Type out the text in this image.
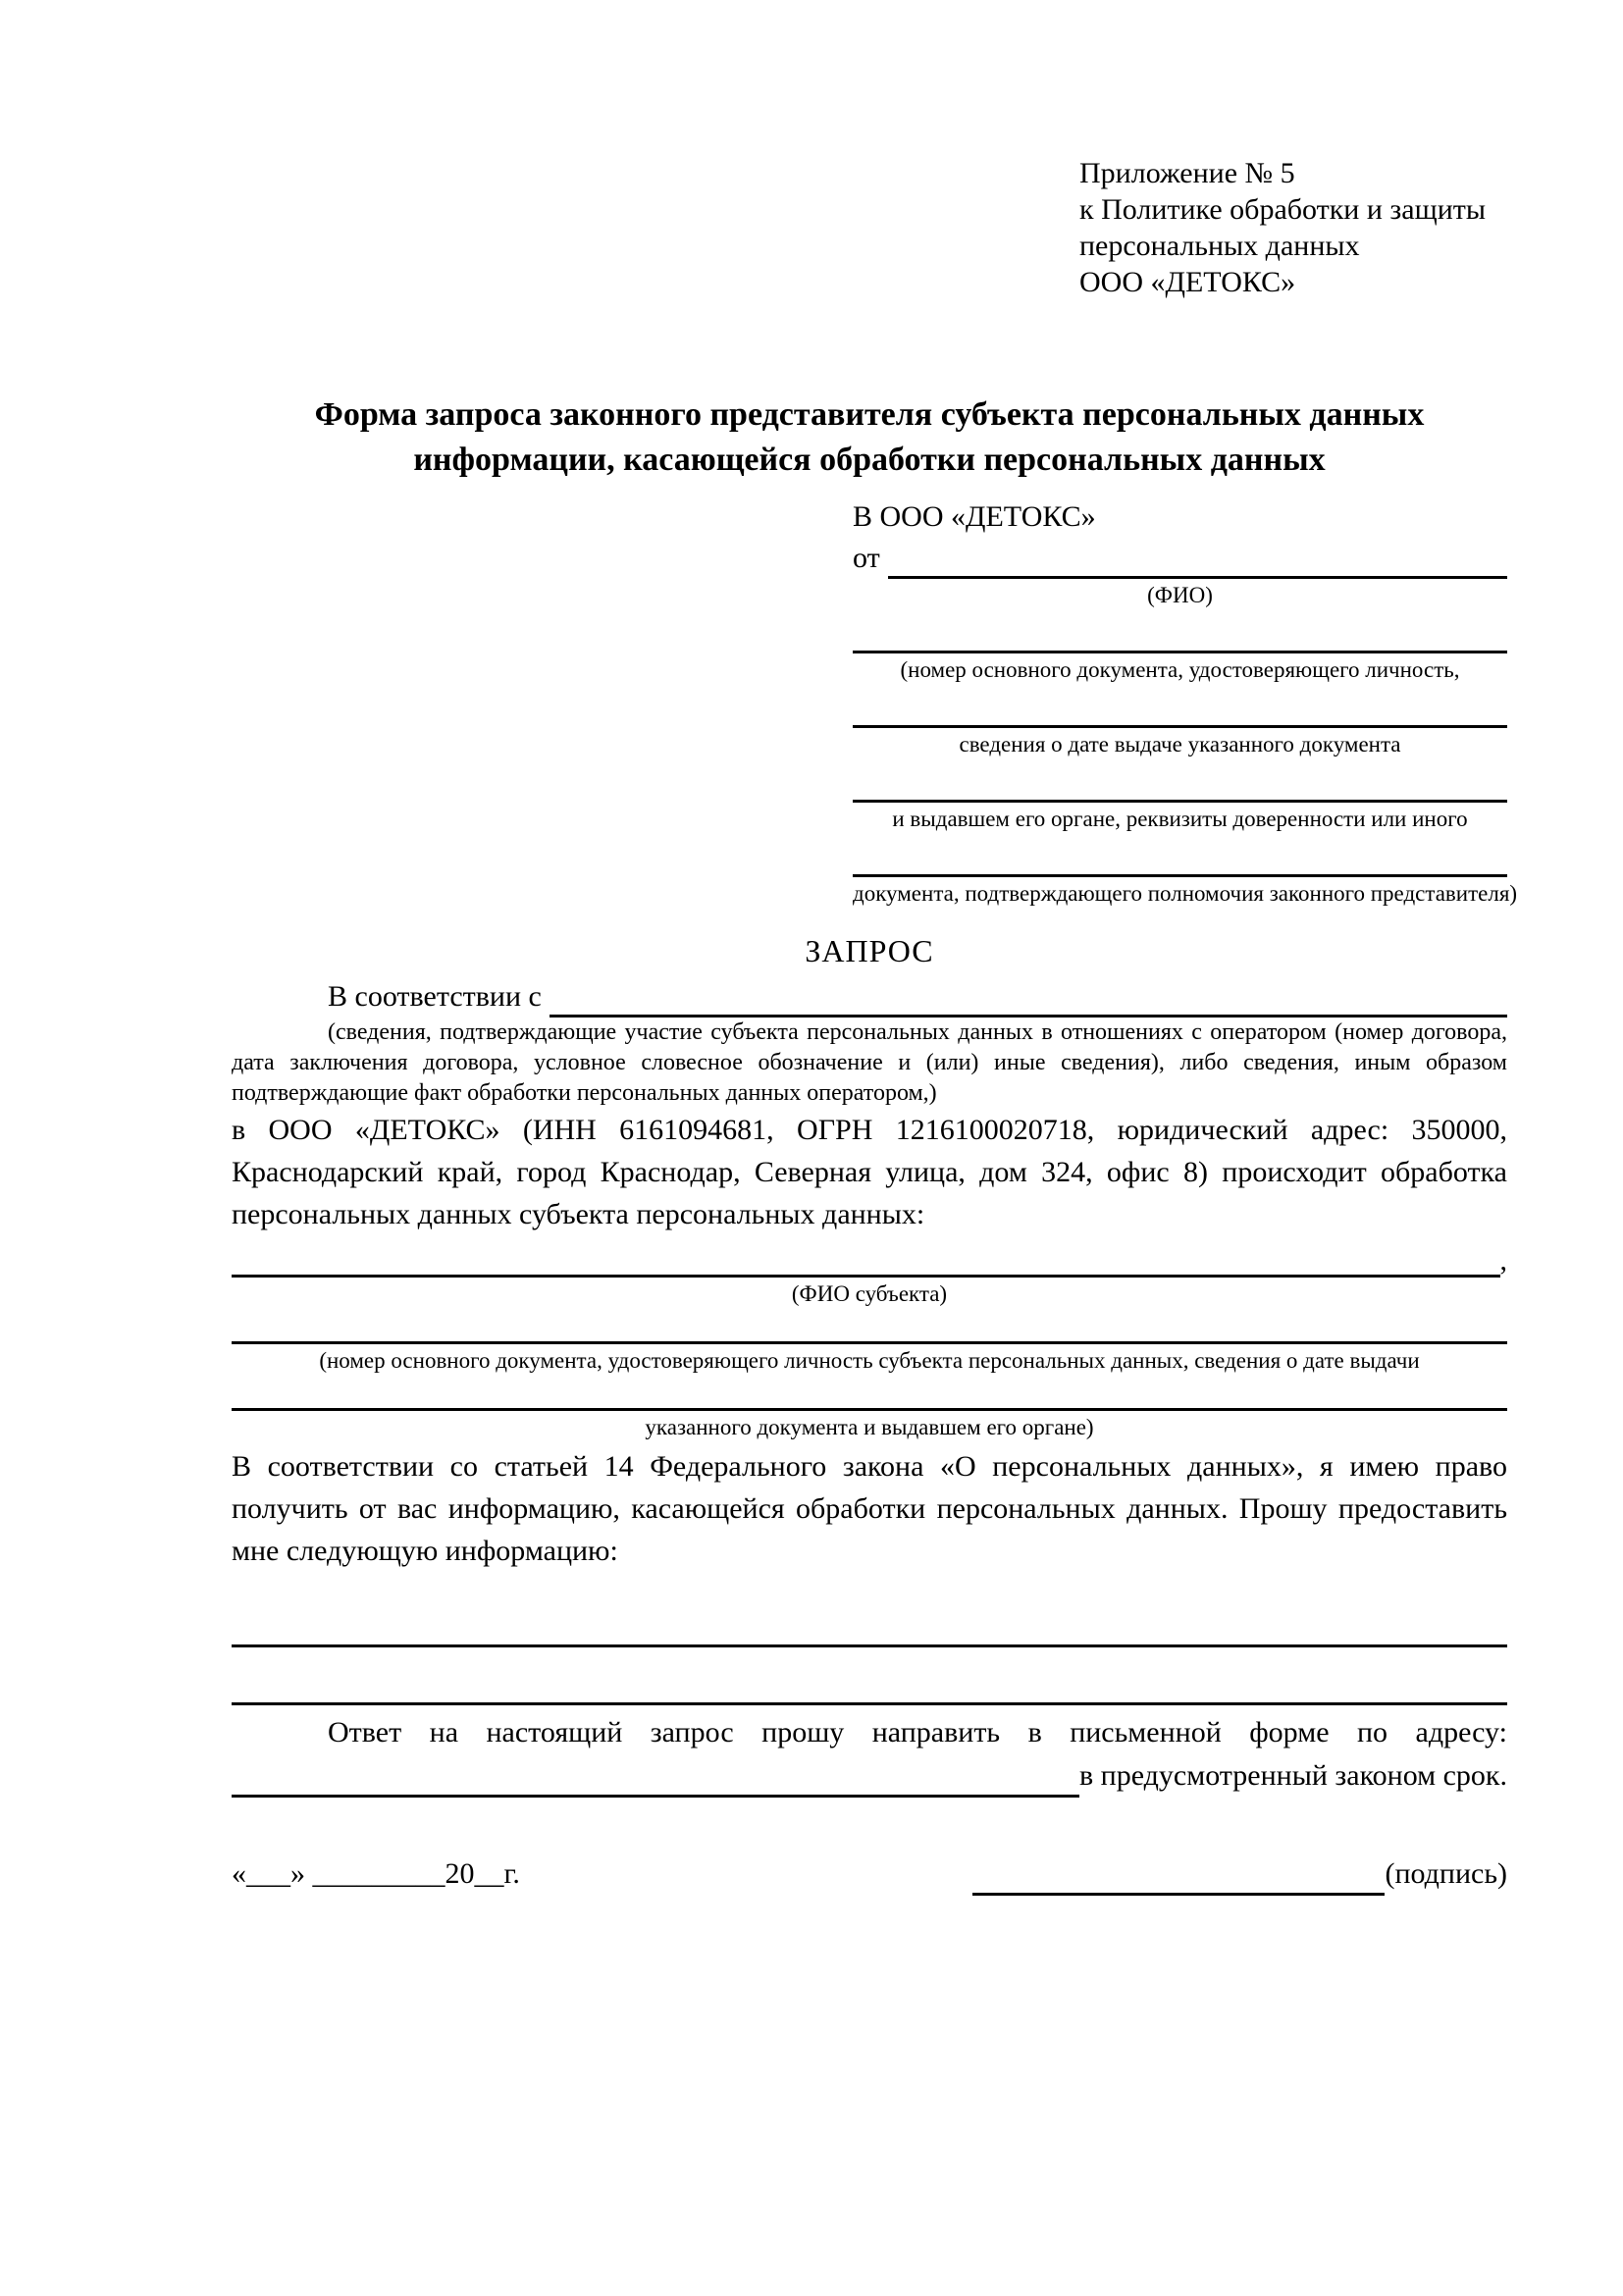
Приложение № 5
к Политике обработки и защиты
персональных данных
ООО «ДЕТОКС»
Форма запроса законного представителя субъекта персональных данных
информации, касающейся обработки персональных данных
В ООО «ДЕТОКС»
от
(ФИО)
(номер основного документа, удостоверяющего личность,
сведения о дате выдаче указанного документа
и выдавшем его органе, реквизиты доверенности или иного
документа, подтверждающего полномочия законного представителя)
ЗАПРОС
В соответствии с
(сведения, подтверждающие участие субъекта персональных данных в отношениях с оператором (номер договора, дата заключения договора, условное словесное обозначение и (или) иные сведения), либо сведения, иным образом подтверждающие факт обработки персональных данных оператором,)
в ООО «ДЕТОКС» (ИНН 6161094681, ОГРН 1216100020718, юридический адрес: 350000, Краснодарский край, город Краснодар, Северная улица, дом 324, офис 8) происходит обработка персональных данных субъекта персональных данных:
,
(ФИО субъекта)
(номер основного документа, удостоверяющего личность субъекта персональных данных, сведения о дате выдачи
указанного документа и выдавшем его органе)
В соответствии со статьей 14 Федерального закона «О персональных данных», я имею право получить от вас информацию, касающейся обработки персональных данных. Прошу предоставить мне следующую информацию:
Ответ на настоящий запрос прошу направить в письменной форме по адресу:
в предусмотренный законом срок.
«___» _________20__г.	(подпись)
